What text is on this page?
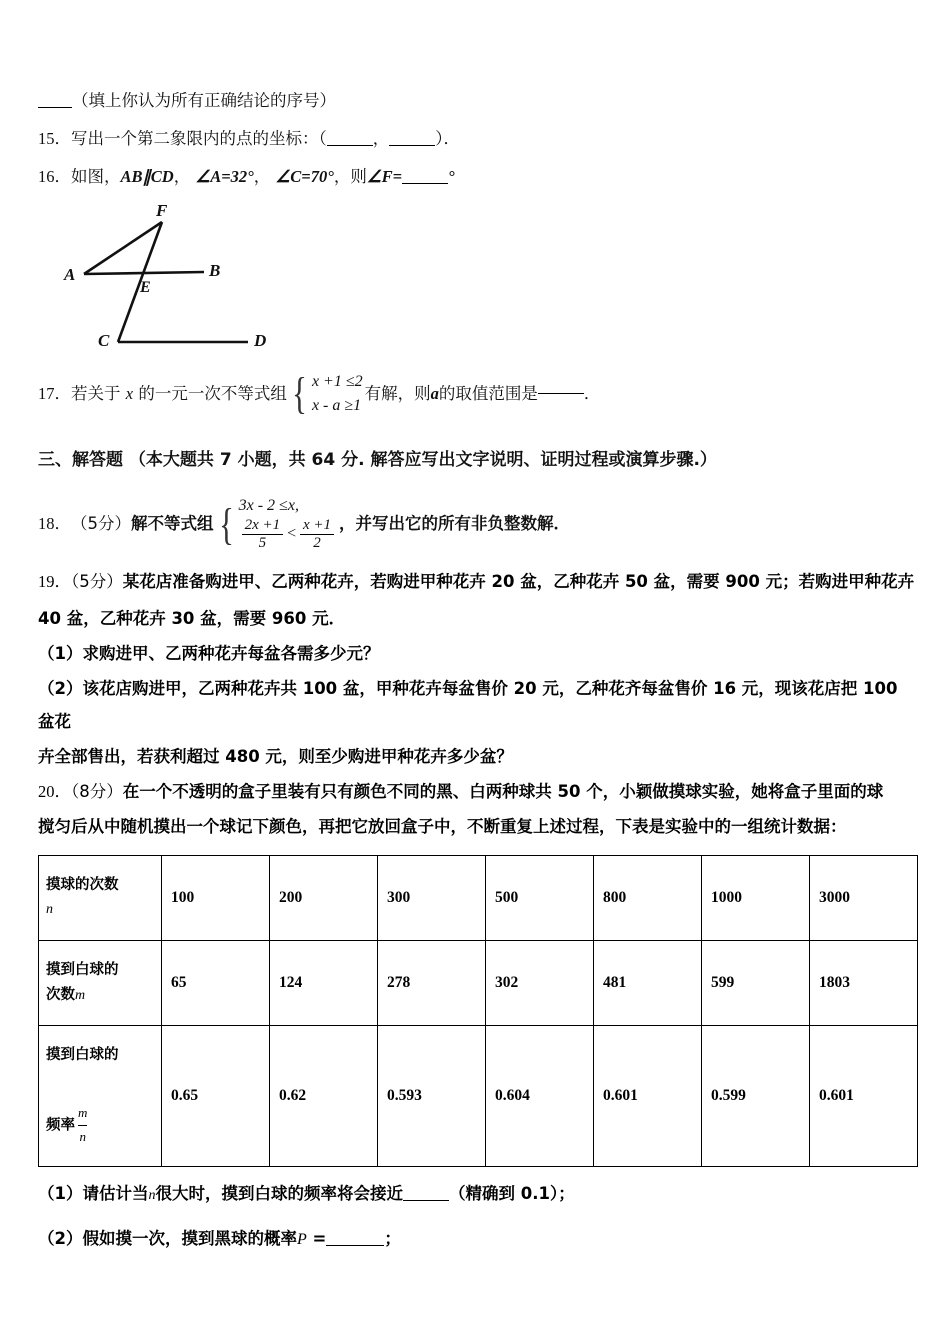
（填上你认为所有正确结论的序号）
15．写出一个第二象限内的点的坐标：（	，	）．
16．如图，AB∥CD， ∠A=32°， ∠C=70°，则∠F=	°
A	B
C	D
E
F
17． 若关于
x
的一元一次不等式组 { x +1 ≤2
x - a ≥1
有解，则 a 的取值范围是	．
三、解答题 （本大题共 7 小题，共 64 分. 解答应写出文字说明、证明过程或演算步骤.）
18． （5分） 解不等式组 { 3x - 2 ≤x,
$\frac{2x +1}{5} < \frac{x +1}{2}$ ，并写出它的所有非负整数解．
19．（5分）某花店准备购进甲、乙两种花卉，若购进甲种花卉 20 盆，乙种花卉 50 盆，需要 900 元；若购进甲种花卉
40 盆，乙种花卉 30 盆，需要 960 元．
（1）求购进甲、乙两种花卉每盆各需多少元？
（2）该花店购进甲，乙两种花卉共 100 盆，甲种花卉每盆售价 20 元，乙种花齐每盆售价 16 元，现该花店把 100 盆花
卉全部售出，若获利超过 480 元，则至少购进甲种花卉多少盆？
20．（8分）在一个不透明的盒子里装有只有颜色不同的黑、白两种球共 50 个，小颖做摸球实验，她将盒子里面的球
搅匀后从中随机摸出一个球记下颜色，再把它放回盒子中，不断重复上述过程，下表是实验中的一组统计数据：
摸球的次数
n	100	200	300	500	800	1000	3000
摸到白球的
次数m	65	124	278	302	481	599	1803
摸到白球的
频率 $\frac{m}{n}$	0.65	0.62	0.593	0.604	0.601	0.599	0.601
（1）请估计当n很大时，摸到白球的频率将会接近	（精确到 0.1）；
（2）假如摸一次，摸到黑球的概率P =	；
